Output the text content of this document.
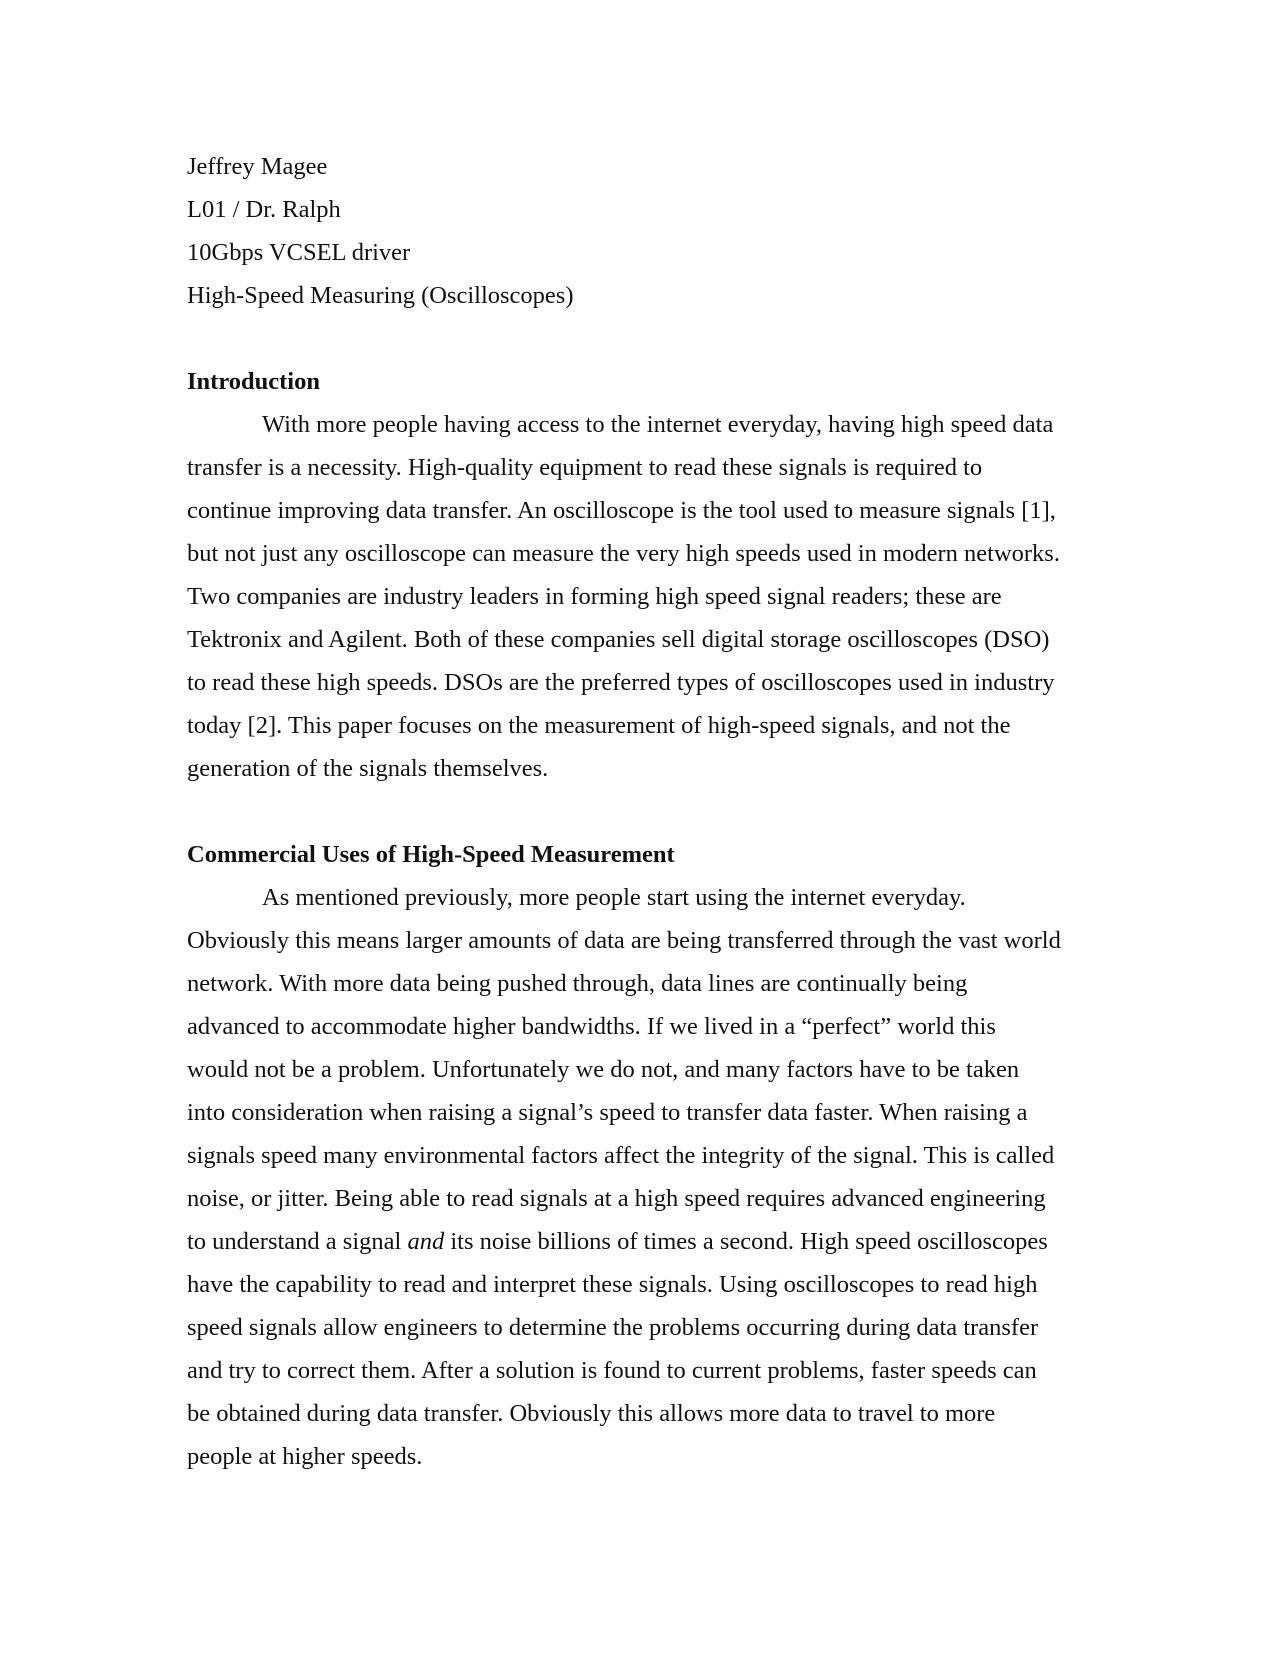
Jeffrey Magee

L01 / Dr. Ralph

10Gbps VCSEL driver

High-Speed Measuring (Oscilloscopes)

Introduction

With more people having access to the internet everyday, having high speed data

transfer is a necessity. High-quality equipment to read these signals is required to

continue improving data transfer. An oscilloscope is the tool used to measure signals [1],

but not just any oscilloscope can measure the very high speeds used in modern networks.

Two companies are industry leaders in forming high speed signal readers; these are

Tektronix and Agilent. Both of these companies sell digital storage oscilloscopes (DSO)

to read these high speeds. DSOs are the preferred types of oscilloscopes used in industry

today [2]. This paper focuses on the measurement of high-speed signals, and not the

generation of the signals themselves.

Commercial Uses of High-Speed Measurement

As mentioned previously, more people start using the internet everyday.

Obviously this means larger amounts of data are being transferred through the vast world

network. With more data being pushed through, data lines are continually being

advanced to accommodate higher bandwidths. If we lived in a “perfect” world this

would not be a problem. Unfortunately we do not, and many factors have to be taken

into consideration when raising a signal’s speed to transfer data faster. When raising a

signals speed many environmental factors affect the integrity of the signal. This is called

noise, or jitter. Being able to read signals at a high speed requires advanced engineering

to understand a signal and its noise billions of times a second. High speed oscilloscopes

have the capability to read and interpret these signals. Using oscilloscopes to read high

speed signals allow engineers to determine the problems occurring during data transfer

and try to correct them. After a solution is found to current problems, faster speeds can

be obtained during data transfer. Obviously this allows more data to travel to more

people at higher speeds.
